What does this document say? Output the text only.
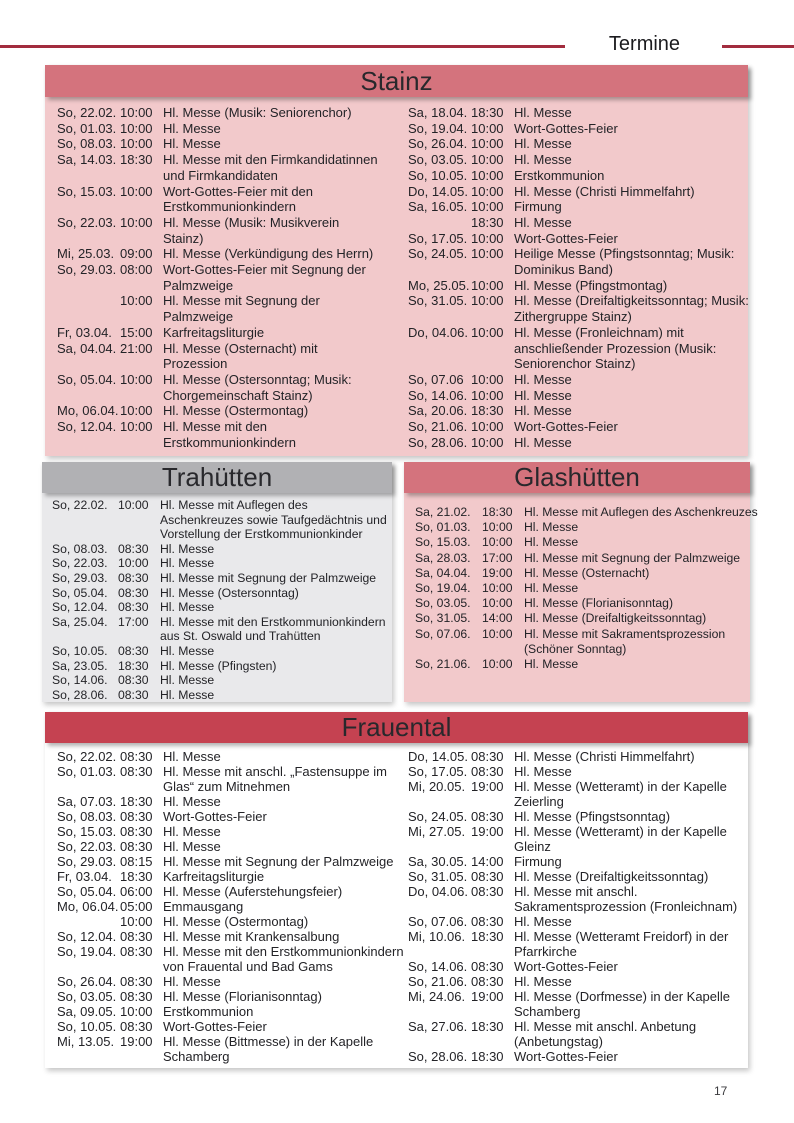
Termine
Stainz
So, 22.02. 10:00 Hl. Messe (Musik: Seniorenchor)
So, 01.03. 10:00 Hl. Messe
So, 08.03. 10:00 Hl. Messe
Sa, 14.03. 18:30 Hl. Messe mit den Firmkandidatinnen
und Firmkandidaten
So, 15.03. 10:00 Wort-Gottes-Feier mit den
Erstkommunionkindern
So, 22.03. 10:00 Hl. Messe (Musik: Musikverein
Stainz)
Mi, 25.03. 09:00 Hl. Messe (Verkündigung des Herrn)
So, 29.03. 08:00 Wort-Gottes-Feier mit Segnung der
Palmzweige
10:00 Hl. Messe mit Segnung der
Palmzweige
Fr, 03.04. 15:00 Karfreitagsliturgie
Sa, 04.04. 21:00 Hl. Messe (Osternacht) mit
Prozession
So, 05.04. 10:00 Hl. Messe (Ostersonntag; Musik:
Chorgemeinschaft Stainz)
Mo, 06.04. 10:00 Hl. Messe (Ostermontag)
So, 12.04. 10:00 Hl. Messe mit den
Erstkommunionkindern
Sa, 18.04. 18:30 Hl. Messe
So, 19.04. 10:00 Wort-Gottes-Feier
So, 26.04. 10:00 Hl. Messe
So, 03.05. 10:00 Hl. Messe
So, 10.05. 10:00 Erstkommunion
Do, 14.05. 10:00 Hl. Messe (Christi Himmelfahrt)
Sa, 16.05. 10:00 Firmung
18:30 Hl. Messe
So, 17.05. 10:00 Wort-Gottes-Feier
So, 24.05. 10:00 Heilige Messe (Pfingstsonntag; Musik:
Dominikus Band)
Mo, 25.05. 10:00 Hl. Messe (Pfingstmontag)
So, 31.05. 10:00 Hl. Messe (Dreifaltigkeitssonntag; Musik:
Zithergruppe Stainz)
Do, 04.06. 10:00 Hl. Messe (Fronleichnam) mit
anschließender Prozession (Musik:
Seniorenchor Stainz)
So, 07.06 10:00 Hl. Messe
So, 14.06. 10:00 Hl. Messe
Sa, 20.06. 18:30 Hl. Messe
So, 21.06. 10:00 Wort-Gottes-Feier
So, 28.06. 10:00 Hl. Messe
Trahütten
So, 22.02. 10:00 Hl. Messe mit Auflegen des
Aschenkreuzes sowie Taufgedächtnis und
Vorstellung der Erstkommunionkinder
So, 08.03. 08:30 Hl. Messe
So, 22.03. 10:00 Hl. Messe
So, 29.03. 08:30 Hl. Messe mit Segnung der Palmzweige
So, 05.04. 08:30 Hl. Messe (Ostersonntag)
So, 12.04. 08:30 Hl. Messe
Sa, 25.04. 17:00 Hl. Messe mit den Erstkommunionkindern
aus St. Oswald und Trahütten
So, 10.05. 08:30 Hl. Messe
Sa, 23.05. 18:30 Hl. Messe (Pfingsten)
So, 14.06. 08:30 Hl. Messe
So, 28.06. 08:30 Hl. Messe
Glashütten
Sa, 21.02. 18:30 Hl. Messe mit Auflegen des Aschenkreuzes
So, 01.03. 10:00 Hl. Messe
So, 15.03. 10:00 Hl. Messe
Sa, 28.03. 17:00 Hl. Messe mit Segnung der Palmzweige
Sa, 04.04. 19:00 Hl. Messe (Osternacht)
So, 19.04. 10:00 Hl. Messe
So, 03.05. 10:00 Hl. Messe (Florianisonntag)
So, 31.05. 14:00 Hl. Messe (Dreifaltigkeitssonntag)
So, 07.06. 10:00 Hl. Messe mit Sakramentsprozession
(Schöner Sonntag)
So, 21.06. 10:00 Hl. Messe
Frauental
So, 22.02. 08:30 Hl. Messe
So, 01.03. 08:30 Hl. Messe mit anschl. „Fastensuppe im
Glas“ zum Mitnehmen
Sa, 07.03. 18:30 Hl. Messe
So, 08.03. 08:30 Wort-Gottes-Feier
So, 15.03. 08:30 Hl. Messe
So, 22.03. 08:30 Hl. Messe
So, 29.03. 08:15 Hl. Messe mit Segnung der Palmzweige
Fr, 03.04. 18:30 Karfreitagsliturgie
So, 05.04. 06:00 Hl. Messe (Auferstehungsfeier)
Mo, 06.04. 05:00 Emmausgang
10:00 Hl. Messe (Ostermontag)
So, 12.04. 08:30 Hl. Messe mit Krankensalbung
So, 19.04. 08:30 Hl. Messe mit den Erstkommunionkindern
von Frauental und Bad Gams
So, 26.04. 08:30 Hl. Messe
So, 03.05. 08:30 Hl. Messe (Florianisonntag)
Sa, 09.05. 10:00 Erstkommunion
So, 10.05. 08:30 Wort-Gottes-Feier
Mi, 13.05. 19:00 Hl. Messe (Bittmesse) in der Kapelle
Schamberg
Do, 14.05. 08:30 Hl. Messe (Christi Himmelfahrt)
So, 17.05. 08:30 Hl. Messe
Mi, 20.05. 19:00 Hl. Messe (Wetteramt) in der Kapelle
Zeierling
So, 24.05. 08:30 Hl. Messe (Pfingstsonntag)
Mi, 27.05. 19:00 Hl. Messe (Wetteramt) in der Kapelle
Gleinz
Sa, 30.05. 14:00 Firmung
So, 31.05. 08:30 Hl. Messe (Dreifaltigkeitssonntag)
Do, 04.06. 08:30 Hl. Messe mit anschl.
Sakramentsprozession (Fronleichnam)
So, 07.06. 08:30 Hl. Messe
Mi, 10.06. 18:30 Hl. Messe (Wetteramt Freidorf) in der
Pfarrkirche
So, 14.06. 08:30 Wort-Gottes-Feier
So, 21.06. 08:30 Hl. Messe
Mi, 24.06. 19:00 Hl. Messe (Dorfmesse) in der Kapelle
Schamberg
Sa, 27.06. 18:30 Hl. Messe mit anschl. Anbetung
(Anbetungstag)
So, 28.06. 18:30 Wort-Gottes-Feier
17
